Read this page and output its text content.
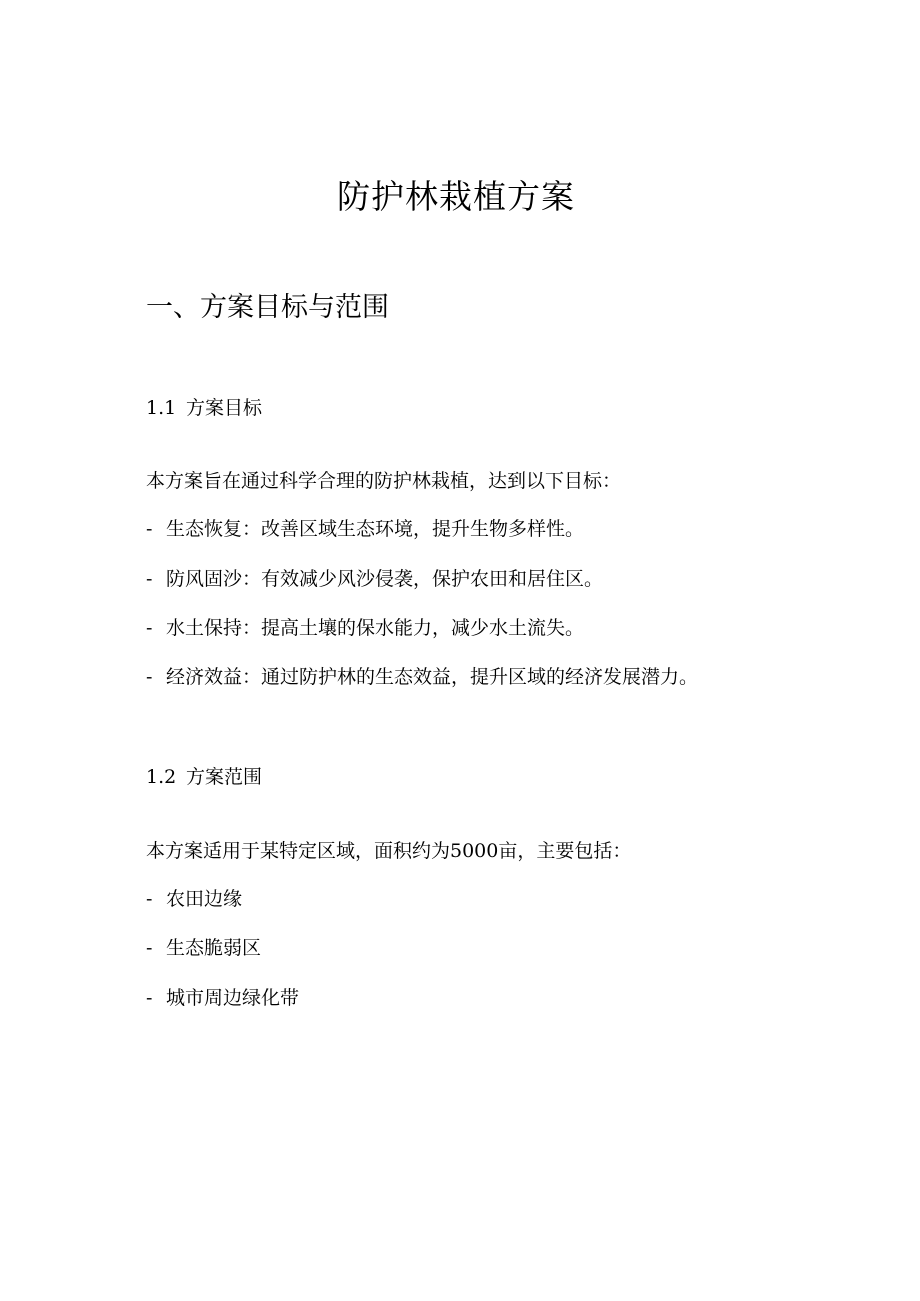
防护林栽植方案
一、方案目标与范围
1.1 方案目标

本方案旨在通过科学合理的防护林栽植，达到以下目标：

- 生态恢复：改善区域生态环境，提升生物多样性。

- 防风固沙：有效减少风沙侵袭，保护农田和居住区。

- 水土保持：提高土壤的保水能力，减少水土流失。

- 经济效益：通过防护林的生态效益，提升区域的经济发展潜力。

1.2 方案范围

本方案适用于某特定区域，面积约为5000亩，主要包括：

- 农田边缘

- 生态脆弱区

- 城市周边绿化带
